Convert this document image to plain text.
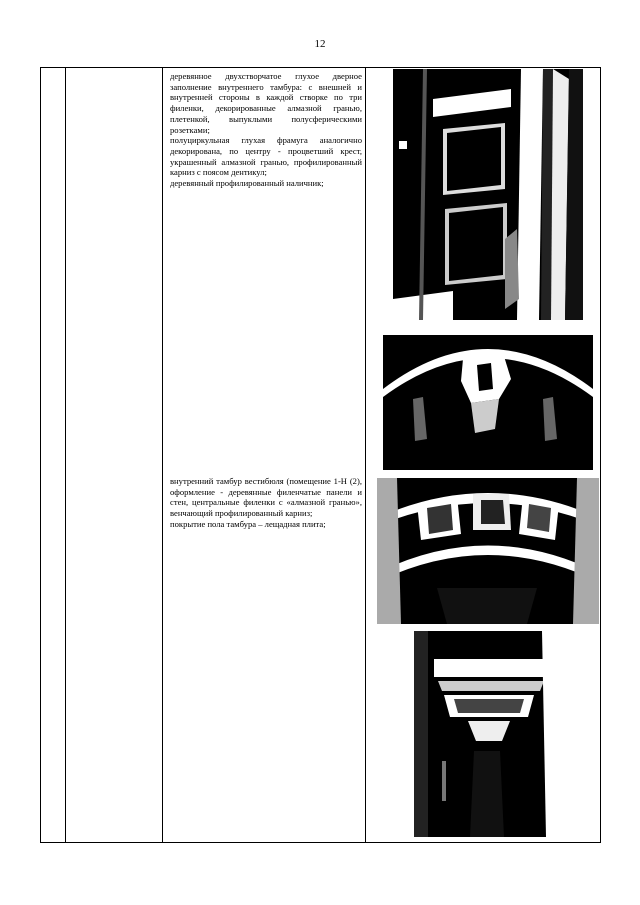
12

деревянное двухстворчатое глухое дверное заполнение внутреннего тамбура: с внешней и внутренней стороны в каждой створке по три филенки, декорированные алмазной гранью, плетенкой, выпуклыми полусферическими розетками;

полуциркульная глухая фрамуга аналогично декорирована, по центру - процветший крест, украшенный алмазной гранью, профилированный карниз с поясом дентикул;

деревянный профилированный наличник;

внутренний тамбур вестибюля (помещение 1-Н (2), оформление - деревянные филенчатые панели и стен, центральные филенки с «алмазной гранью», венчающий профилированный карниз;

покрытие пола тамбура – лещадная плита;
